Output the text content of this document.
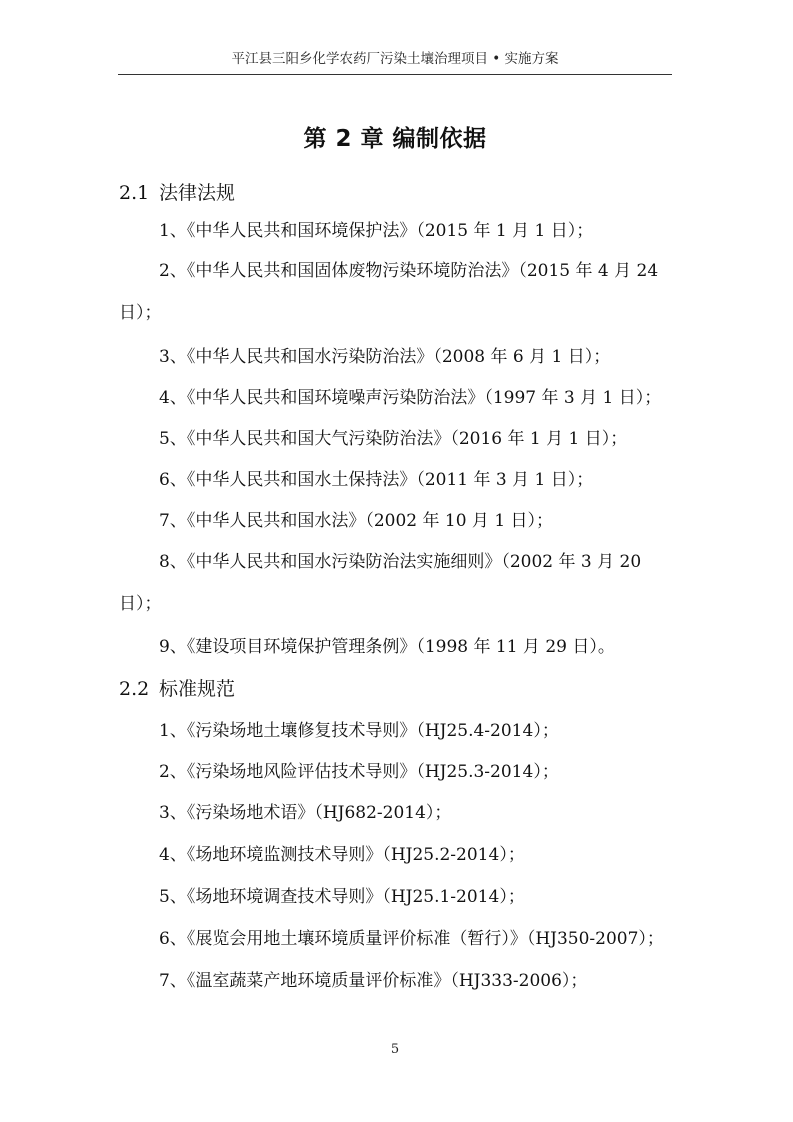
平江县三阳乡化学农药厂污染土壤治理项目 • 实施方案
第 2 章 编制依据
2.1 法律法规
1、《中华人民共和国环境保护法》（2015 年 1 月 1 日）；
2、《中华人民共和国固体废物污染环境防治法》（2015 年 4 月 24 日）；
3、《中华人民共和国水污染防治法》（2008 年 6 月 1 日）；
4、《中华人民共和国环境噪声污染防治法》（1997 年 3 月 1 日）；
5、《中华人民共和国大气污染防治法》（2016 年 1 月 1 日）；
6、《中华人民共和国水土保持法》（2011 年 3 月 1 日）；
7、《中华人民共和国水法》（2002 年 10 月 1 日）；
8、《中华人民共和国水污染防治法实施细则》（2002 年 3 月 20 日）；
9、《建设项目环境保护管理条例》（1998 年 11 月 29 日）。
2.2 标准规范
1、《污染场地土壤修复技术导则》（HJ25.4-2014）；
2、《污染场地风险评估技术导则》（HJ25.3-2014）；
3、《污染场地术语》（HJ682-2014）；
4、《场地环境监测技术导则》（HJ25.2-2014）；
5、《场地环境调查技术导则》（HJ25.1-2014）；
6、《展览会用地土壤环境质量评价标准（暂行）》（HJ350-2007）；
7、《温室蔬菜产地环境质量评价标准》（HJ333-2006）；
5
